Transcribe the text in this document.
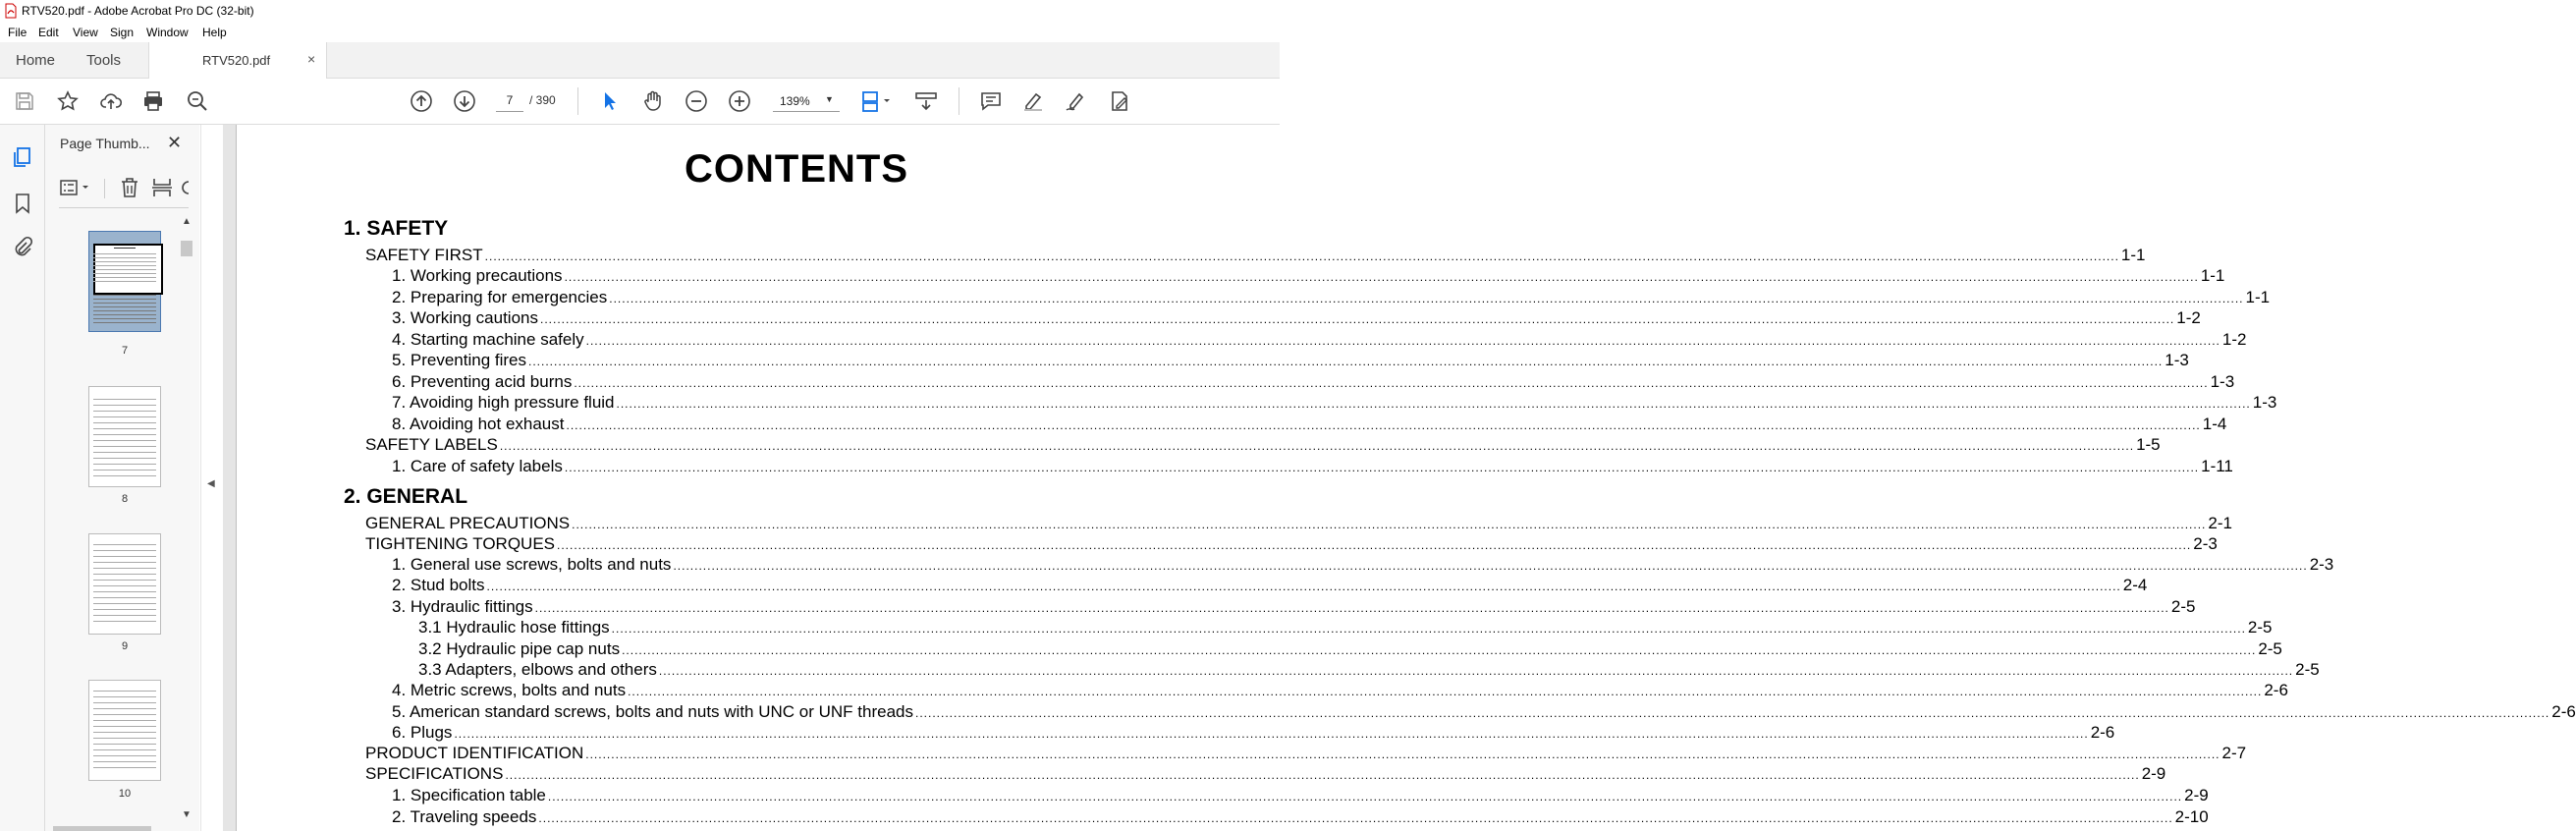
RTV520.pdf - Adobe Acrobat Pro DC (32-bit)
File Edit View Sign Window Help
Home Tools	RTV520.pdf	×
7	/ 390	139% ▼
Page Thumb... ✕
7
8
9
10
▲
▼
◀
CONTENTS
1. SAFETY
2. GENERAL
SAFETY FIRST ................................................................................................................................................................................................................................................................................................................................................................................................ 1-1
1. Working precautions ................................................................................................................................................................................................................................................................................................................................................................................................ 1-1
2. Preparing for emergencies ................................................................................................................................................................................................................................................................................................................................................................................................ 1-1
3. Working cautions ................................................................................................................................................................................................................................................................................................................................................................................................ 1-2
4. Starting machine safely ................................................................................................................................................................................................................................................................................................................................................................................................ 1-2
5. Preventing fires ................................................................................................................................................................................................................................................................................................................................................................................................ 1-3
6. Preventing acid burns ................................................................................................................................................................................................................................................................................................................................................................................................ 1-3
7. Avoiding high pressure fluid ................................................................................................................................................................................................................................................................................................................................................................................................ 1-3
8. Avoiding hot exhaust ................................................................................................................................................................................................................................................................................................................................................................................................ 1-4
SAFETY LABELS ................................................................................................................................................................................................................................................................................................................................................................................................ 1-5
1. Care of safety labels ................................................................................................................................................................................................................................................................................................................................................................................................ 1-11
GENERAL PRECAUTIONS ................................................................................................................................................................................................................................................................................................................................................................................................ 2-1
TIGHTENING TORQUES ................................................................................................................................................................................................................................................................................................................................................................................................ 2-3
1. General use screws, bolts and nuts ................................................................................................................................................................................................................................................................................................................................................................................................ 2-3
2. Stud bolts ................................................................................................................................................................................................................................................................................................................................................................................................ 2-4
3. Hydraulic fittings ................................................................................................................................................................................................................................................................................................................................................................................................ 2-5
3.1 Hydraulic hose fittings ................................................................................................................................................................................................................................................................................................................................................................................................ 2-5
3.2 Hydraulic pipe cap nuts ................................................................................................................................................................................................................................................................................................................................................................................................ 2-5
3.3 Adapters, elbows and others ................................................................................................................................................................................................................................................................................................................................................................................................ 2-5
4. Metric screws, bolts and nuts ................................................................................................................................................................................................................................................................................................................................................................................................ 2-6
5. American standard screws, bolts and nuts with UNC or UNF threads ................................................................................................................................................................................................................................................................................................................................................................................................ 2-6
6. Plugs ................................................................................................................................................................................................................................................................................................................................................................................................ 2-6
PRODUCT IDENTIFICATION ................................................................................................................................................................................................................................................................................................................................................................................................ 2-7
SPECIFICATIONS ................................................................................................................................................................................................................................................................................................................................................................................................ 2-9
1. Specification table ................................................................................................................................................................................................................................................................................................................................................................................................ 2-9
2. Traveling speeds ................................................................................................................................................................................................................................................................................................................................................................................................ 2-10
